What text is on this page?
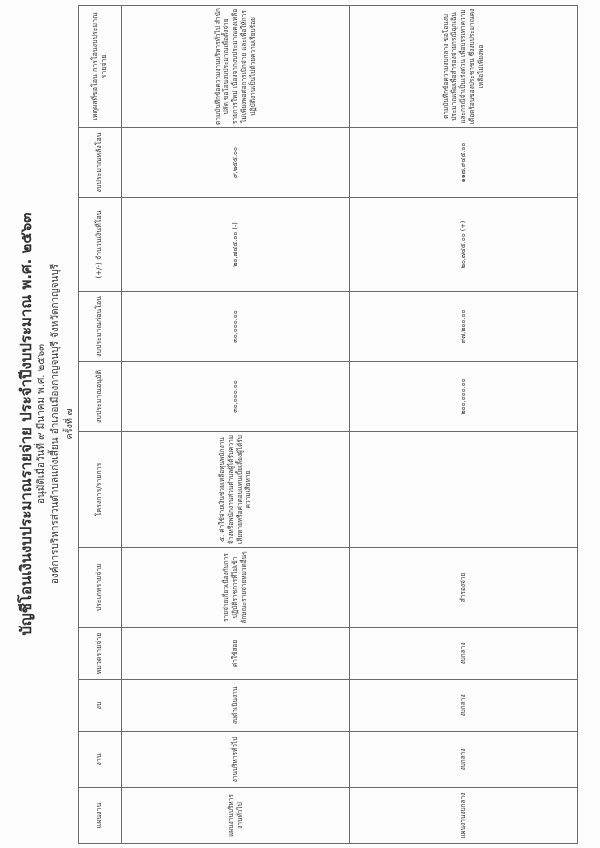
บัญชีโอนเงินงบประมาณรายจ่าย ประจำปีงบประมาณ พ.ศ. ๒๕๖๓ อนุมัติเมื่อวันที่ ๙ มีนาคม พ.ศ. ๒๕๖๓ องค์การบริหารส่วนตำบลแก่งเสี้ยน อำเภอเมืองกาญจนบุรี จังหวัดกาญจนบุรี ครั้งที่ ๗
แผนงาน	งาน	งบ	หมวดรายจ่าย	ประเภทรายจ่าย	โครงการ/รายการ	งบประมาณอนุมัติ	งบประมาณก่อนโอน	(+/-) จำนวนเงินที่โอน	งบประมาณหลังโอน	เหตุผลที่ขอโอน การโอนงบประมาณรายจ่าย
แผนงานบริหารงานทั่วไป	งานบริหารทั่วไป	งบดำเนินงาน	ค่าใช้สอย	รายจ่ายเกี่ยวเนื่องกับการปฏิบัติราชการที่ไม่เข้าลักษณะรายจ่ายหมวดอื่นๆ	๕. ค่าใช้จ่ายเงินช่วยเหลือทุนพนักงานจ้างหรือพนักงานส่วนตำบลผู้ได้รับความเสียหายหรือค่าตอบแทนเบี้ยเลี้ยงผู้ได้รับความเสียหาย	๓๐,๐๐๐.๐๐	๓๐,๐๐๐.๐๐	๒๐,๗๔๕.๐๐ (-)	๙,๒๕๕.๐๐	ตามบันทึกข้อความงานบริหารทั่วไป สำนักปลัด ขอโอนงบประมาณเพื่อตั้งจ่ายรายการใหม่ เนื่องจากงบประมาณคงเหลือไม่เพียงพอต่อการเบิกจ่าย และเพื่อให้การปฏิบัติงานเป็นไปด้วยความเรียบร้อย
แผนงานงบกลาง	งบกลาง	งบกลาง	งบกลาง	สำรองจ่าย		๒๐๐,๐๐๐.๐๐	๙๗,๒๐๐.๐๐	๒๐,๗๔๕.๐๐ (+)	๑๑๗,๙๔๕.๐๐	ตามบันทึกข้อความงบกลาง ขอโอนงบประมาณเพิ่มเพื่อสำรองจ่ายกรณีฉุกเฉิน และกรณีจำเป็นเร่งด่วน เพื่อบรรเทาความเดือดร้อนของประชาชน ซึ่งงบประมาณคงเหลือไม่เพียงพอ
